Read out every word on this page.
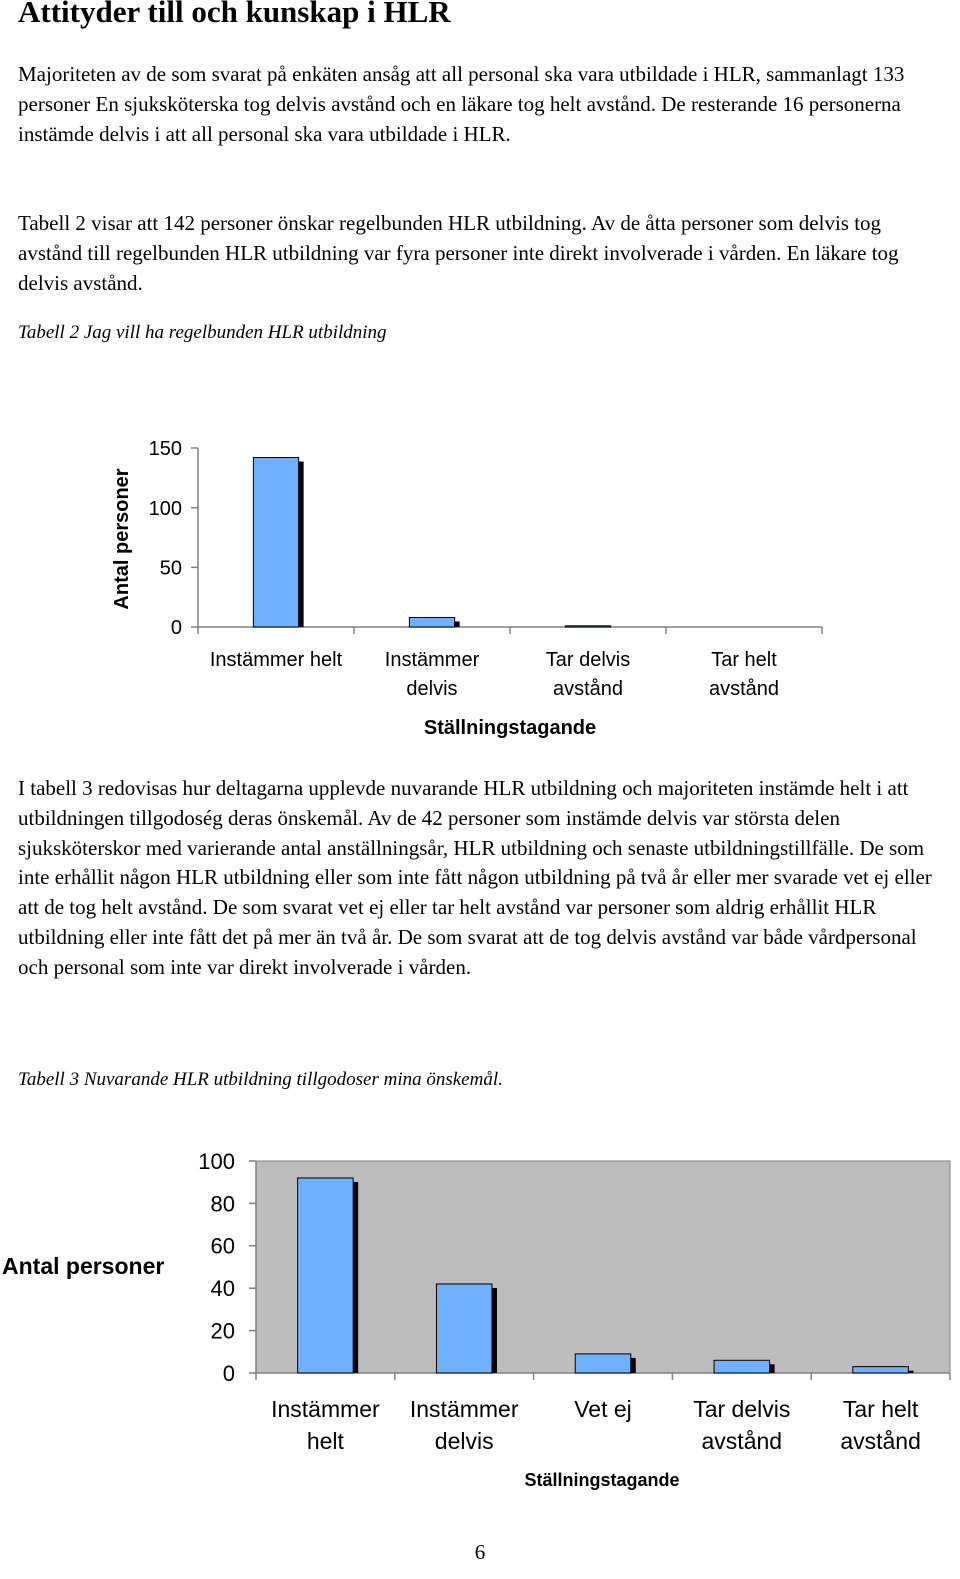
Attityder till och kunskap i HLR

Majoriteten av de som svarat på enkäten ansåg att all personal ska vara utbildade i HLR, sammanlagt 133 personer En sjuksköterska tog delvis avstånd och en läkare tog helt avstånd. De resterande 16 personerna instämde delvis i att all personal ska vara utbildade i HLR.

Tabell 2 visar att 142 personer önskar regelbunden HLR utbildning. Av de åtta personer som delvis tog avstånd till regelbunden HLR utbildning var fyra personer inte direkt involverade i vården. En läkare tog delvis avstånd.

Tabell 2 Jag vill ha regelbunden HLR utbildning

0
50
100
150
Instämmer helt Instämmer
delvis
Tar delvis
avstånd
Tar helt
avstånd
Ställningstagande
Antal personer

I tabell 3 redovisas hur deltagarna upplevde nuvarande HLR utbildning och majoriteten instämde helt i att utbildningen tillgodoség deras önskemål. Av de 42 personer som instämde delvis var största delen sjuksköterskor med varierande antal anställningsår, HLR utbildning och senaste utbildningstillfälle. De som inte erhållit någon HLR utbildning eller som inte fått någon utbildning på två år eller mer svarade vet ej eller att de tog helt avstånd. De som svarat vet ej eller tar helt avstånd var personer som aldrig erhållit HLR utbildning eller inte fått det på mer än två år. De som svarat att de tog delvis avstånd var både vårdpersonal och personal som inte var direkt involverade i vården.

Tabell 3 Nuvarande HLR utbildning tillgodoser mina önskemål.

0
20
40
60
80
100
Instämmer
helt
Instämmer
delvis
Vet ej	Tar delvis
avstånd
Tar helt
avstånd
Ställningstagande
Antal personer
6
